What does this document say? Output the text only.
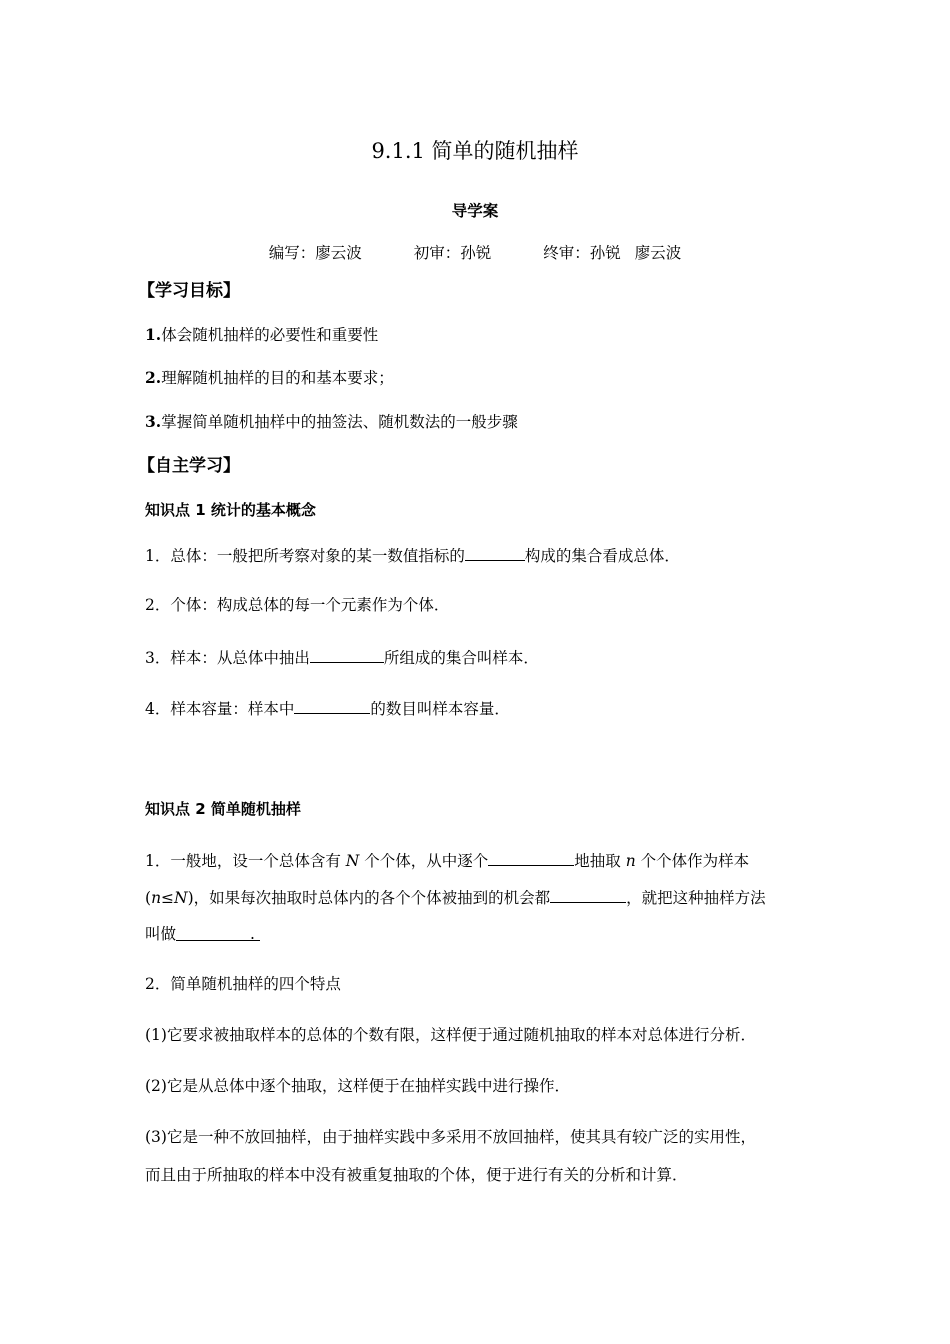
9.1.1 简单的随机抽样
导学案
编写：廖云波	初审：孙锐	终审：孙锐 廖云波
【学习目标】
1.体会随机抽样的必要性和重要性
2.理解随机抽样的目的和基本要求；
3.掌握简单随机抽样中的抽签法、随机数法的一般步骤
【自主学习】
知识点 1 统计的基本概念
1．总体：一般把所考察对象的某一数值指标的	构成的集合看成总体．
2．个体：构成总体的每一个元素作为个体．
3．样本：从总体中抽出	所组成的集合叫样本．
4．样本容量：样本中	的数目叫样本容量．
知识点 2 简单随机抽样
1．一般地，设一个总体含有 N 个个体，从中逐个	地抽取 n 个个体作为样本
(n≤N)，如果每次抽取时总体内的各个个体被抽到的机会都	，就把这种抽样方法
叫做	.
2．简单随机抽样的四个特点
(1)它要求被抽取样本的总体的个数有限，这样便于通过随机抽取的样本对总体进行分析．
(2)它是从总体中逐个抽取，这样便于在抽样实践中进行操作．
(3)它是一种不放回抽样，由于抽样实践中多采用不放回抽样，使其具有较广泛的实用性，
而且由于所抽取的样本中没有被重复抽取的个体，便于进行有关的分析和计算．
